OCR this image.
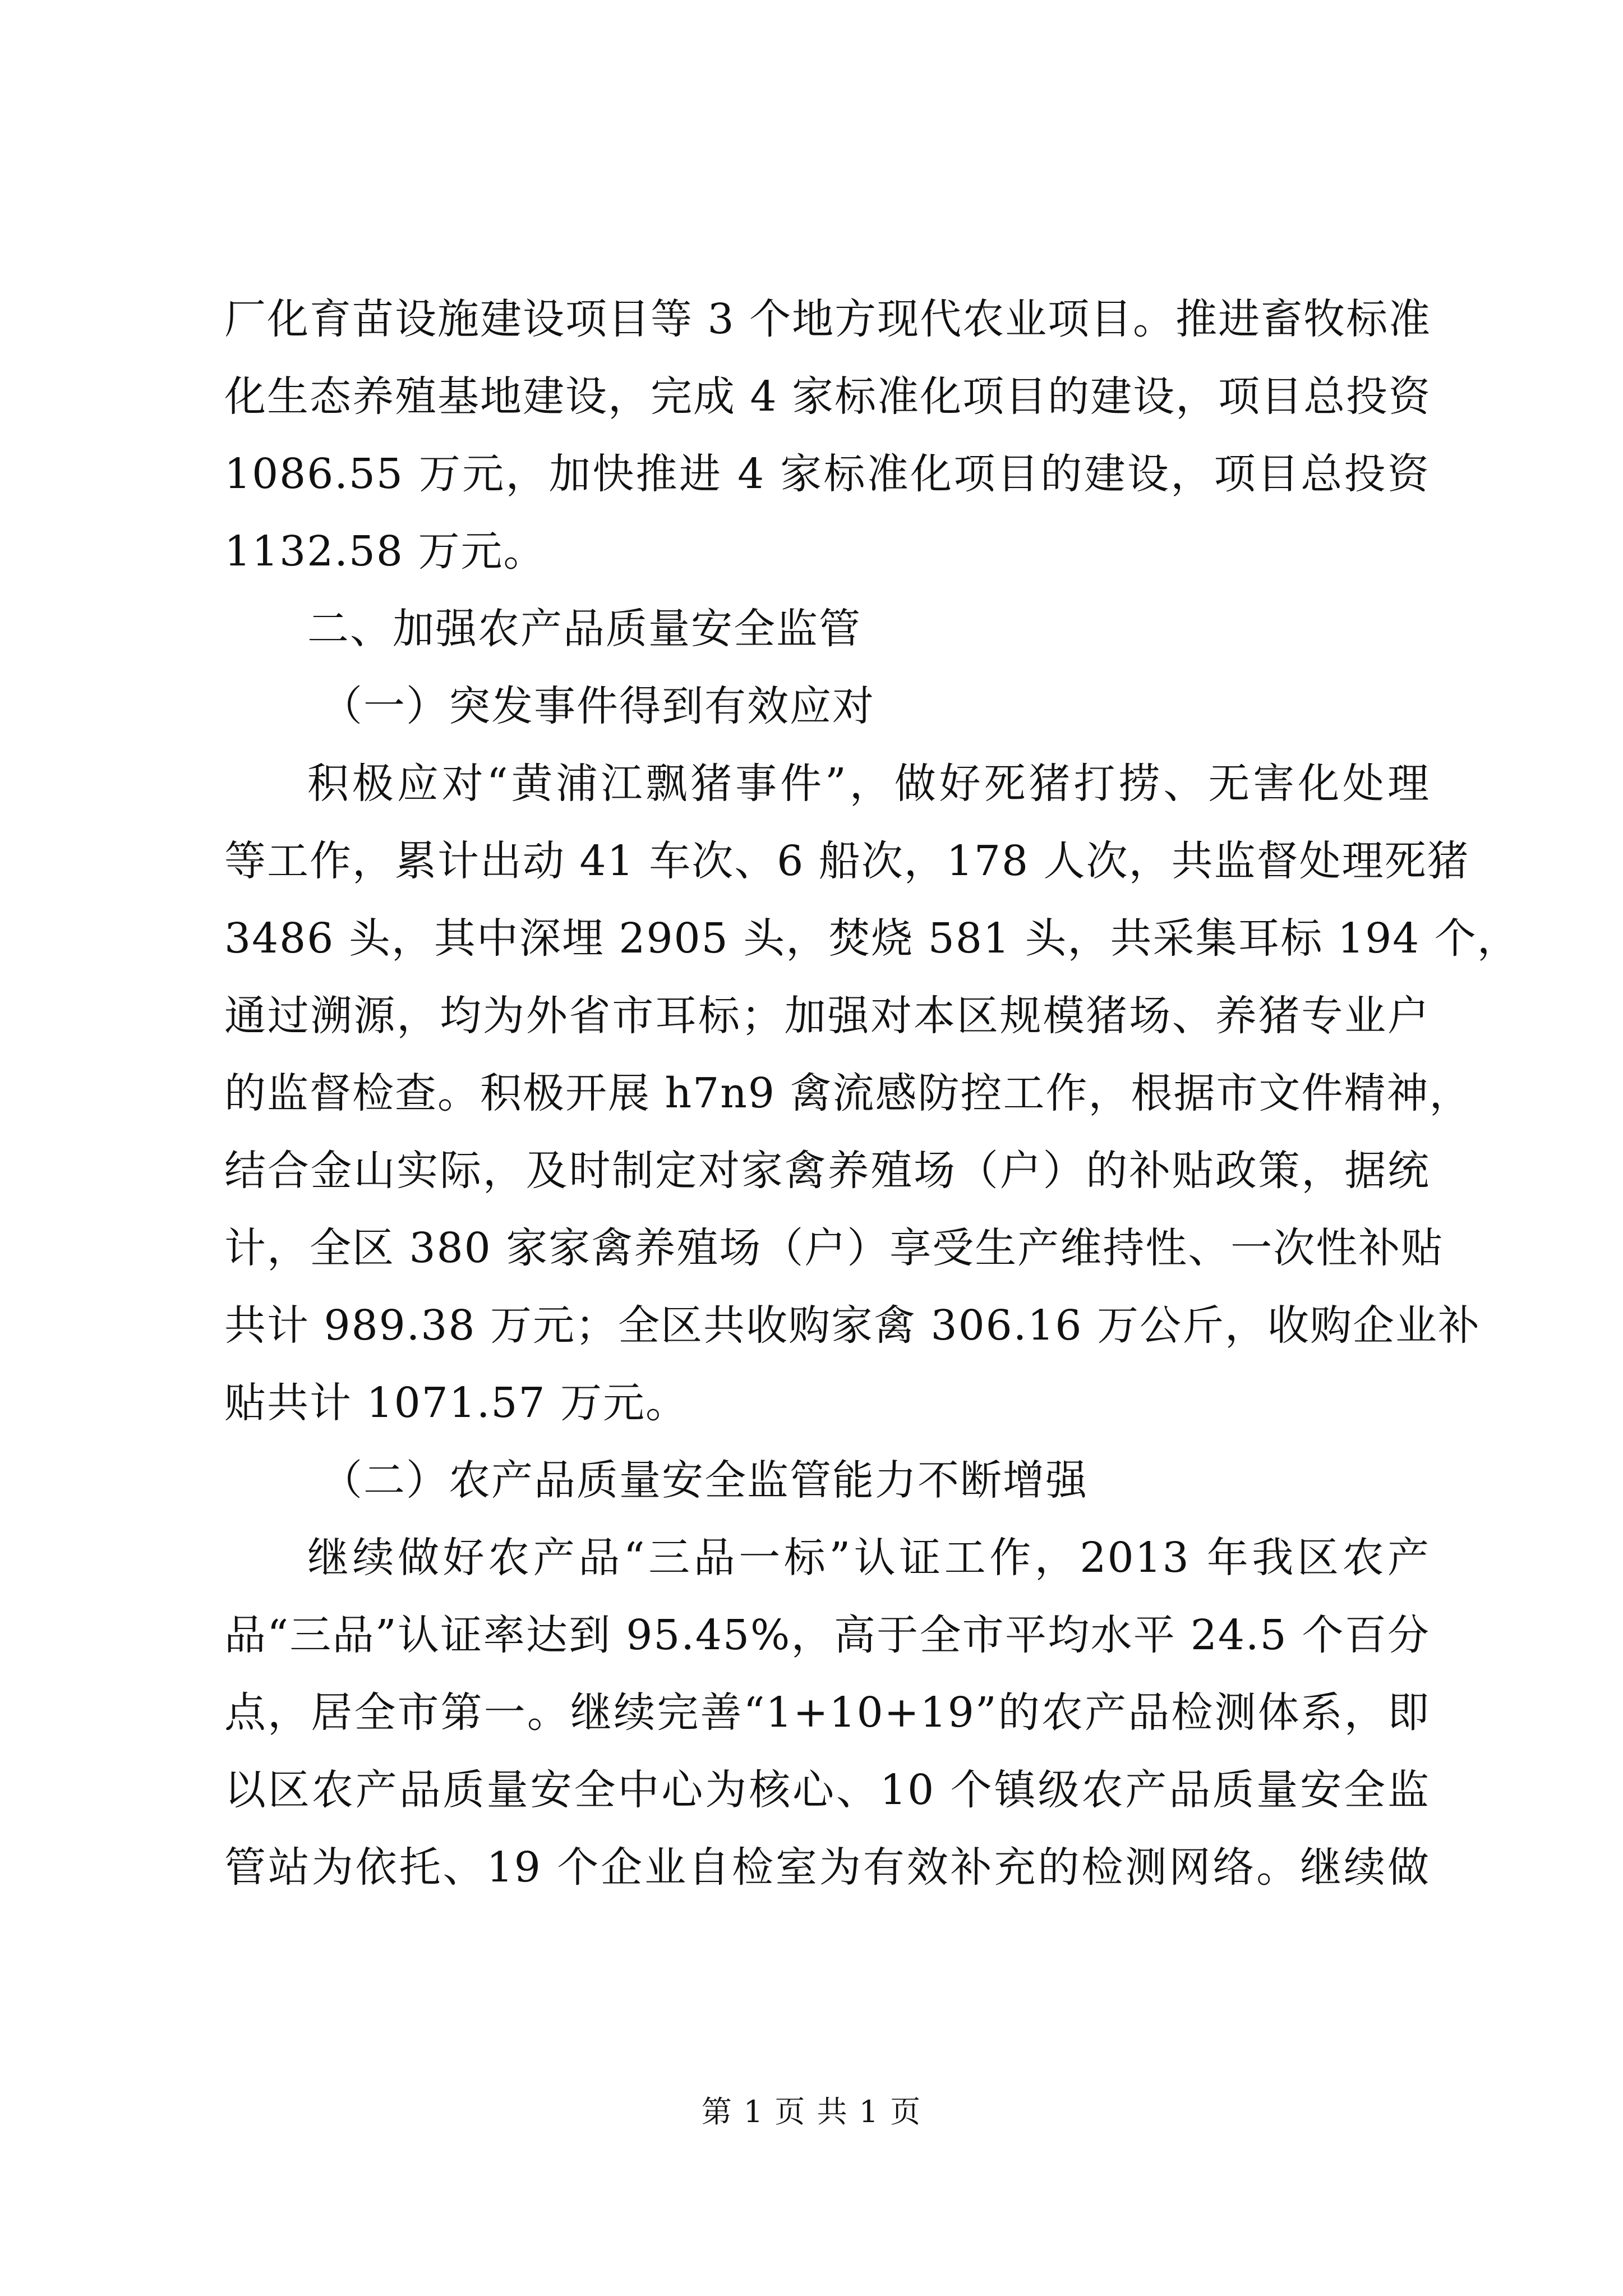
厂化育苗设施建设项目等 3 个地方现代农业项目。推进畜牧标准
化生态养殖基地建设，完成 4 家标准化项目的建设，项目总投资
1086.55 万元，加快推进 4 家标准化项目的建设，项目总投资
1132.58 万元。
二、加强农产品质量安全监管
（一）突发事件得到有效应对
积极应对“黄浦江飘猪事件”，做好死猪打捞、无害化处理
等工作，累计出动 41 车次、6 船次，178 人次，共监督处理死猪
3486 头，其中深埋 2905 头，焚烧 581 头，共采集耳标 194 个，
通过溯源，均为外省市耳标；加强对本区规模猪场、养猪专业户
的监督检查。积极开展 h7n9 禽流感防控工作，根据市文件精神，
结合金山实际，及时制定对家禽养殖场（户）的补贴政策，据统
计，全区 380 家家禽养殖场（户）享受生产维持性、一次性补贴
共计 989.38 万元；全区共收购家禽 306.16 万公斤，收购企业补
贴共计 1071.57 万元。
（二）农产品质量安全监管能力不断增强
继续做好农产品“三品一标”认证工作，2013 年我区农产
品“三品”认证率达到 95.45%，高于全市平均水平 24.5 个百分
点，居全市第一。继续完善“1+10+19”的农产品检测体系，即
以区农产品质量安全中心为核心、10 个镇级农产品质量安全监
管站为依托、19 个企业自检室为有效补充的检测网络。继续做
第 1 页 共 1 页
